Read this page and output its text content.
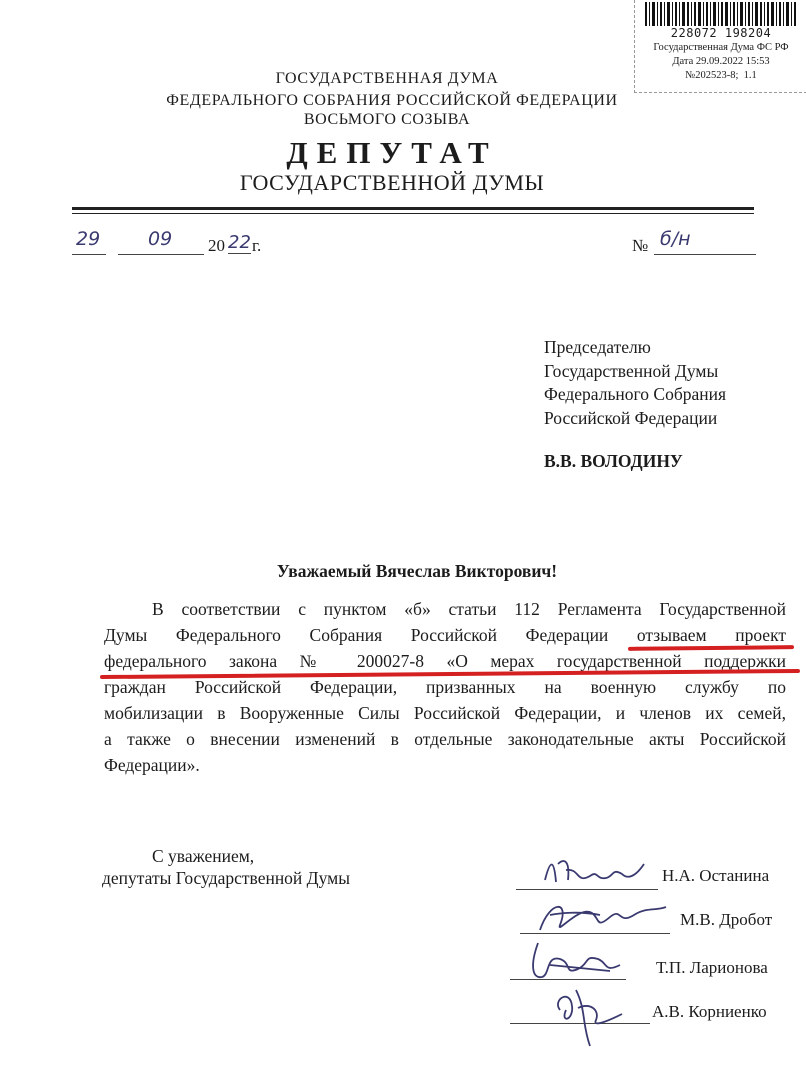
228072 198204
Государственная Дума ФС РФ
Дата 29.09.2022 15:53
№202523-8;  1.1
ГОСУДАРСТВЕННАЯ ДУМА
ФЕДЕРАЛЬНОГО СОБРАНИЯ РОССИЙСКОЙ ФЕДЕРАЦИИ
ВОСЬМОГО СОЗЫВА
ДЕПУТАТ
ГОСУДАРСТВЕННОЙ ДУМЫ
29	09 20 22 г.	№ б/н
Председателю
Государственной Думы
Федерального Собрания
Российской Федерации
В.В. ВОЛОДИНУ
Уважаемый Вячеслав Викторович!
В соответствии с пунктом «б» статьи 112 Регламента Государственной
Думы Федерального Собрания Российской Федерации отзываем проект
федерального закона № 200027-8 «О мерах государственной поддержки
граждан Российской Федерации, призванных на военную службу по
мобилизации в Вооруженные Силы Российской Федерации, и членов их семей,
а также о внесении изменений в отдельные законодательные акты Российской
Федерации».
С уважением,
депутаты Государственной Думы	Н.А. Останина
М.В. Дробот
Т.П. Ларионова
А.В. Корниенко
